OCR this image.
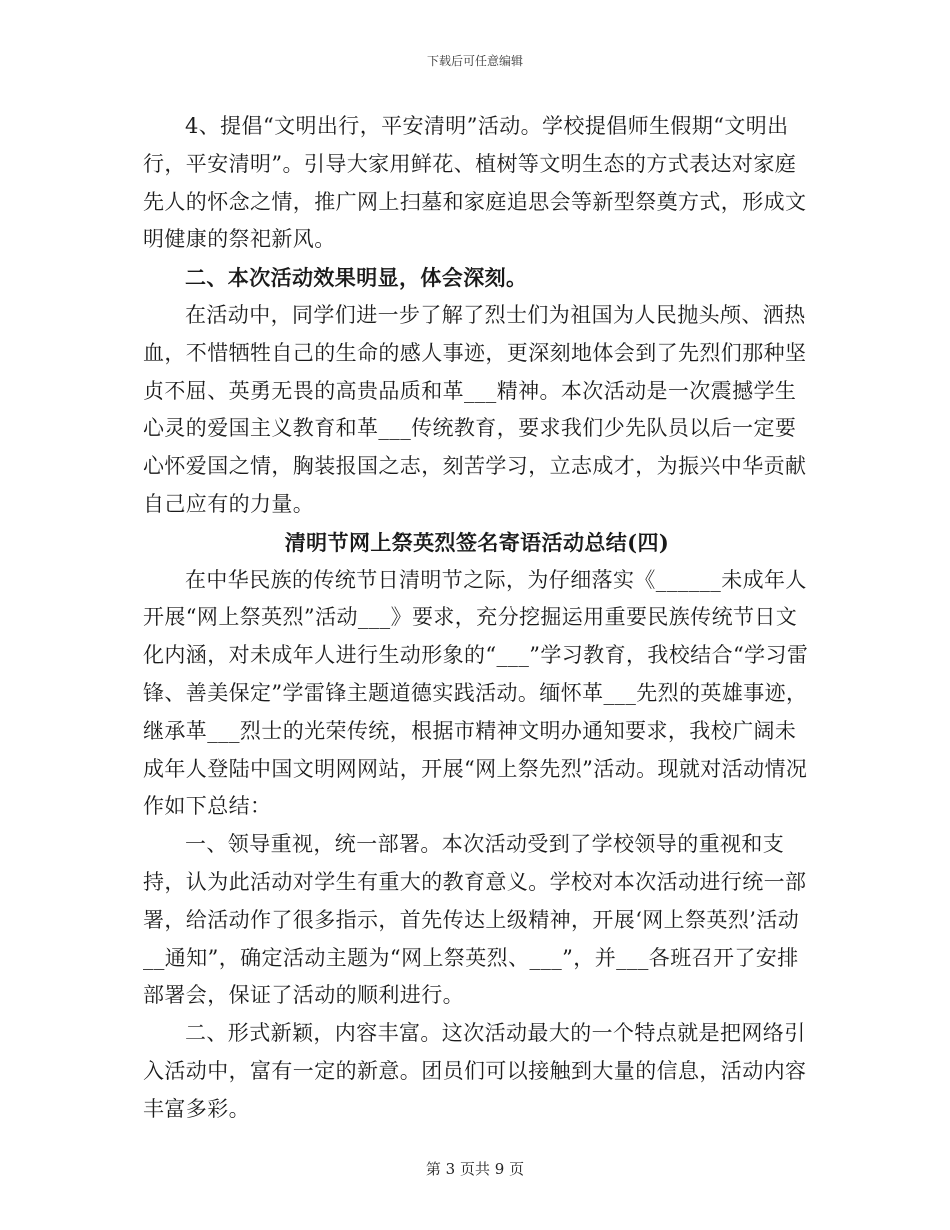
下载后可任意编辑

4、提倡“文明出行，平安清明”活动。学校提倡师生假期“文明出行，平安清明”。引导大家用鲜花、植树等文明生态的方式表达对家庭先人的怀念之情，推广网上扫墓和家庭追思会等新型祭奠方式，形成文明健康的祭祀新风。

二、本次活动效果明显，体会深刻。

在活动中，同学们进一步了解了烈士们为祖国为人民抛头颅、洒热血，不惜牺牲自己的生命的感人事迹，更深刻地体会到了先烈们那种坚贞不屈、英勇无畏的高贵品质和革___精神。本次活动是一次震撼学生心灵的爱国主义教育和革___传统教育，要求我们少先队员以后一定要心怀爱国之情，胸装报国之志，刻苦学习，立志成才，为振兴中华贡献自己应有的力量。

清明节网上祭英烈签名寄语活动总结(四)

在中华民族的传统节日清明节之际，为仔细落实《______未成年人开展“网上祭英烈”活动___》要求，充分挖掘运用重要民族传统节日文化内涵，对未成年人进行生动形象的“___”学习教育，我校结合“学习雷锋、善美保定”学雷锋主题道德实践活动。缅怀革___先烈的英雄事迹，继承革___烈士的光荣传统，根据市精神文明办通知要求，我校广阔未成年人登陆中国文明网网站，开展“网上祭先烈”活动。现就对活动情况作如下总结：

一、领导重视，统一部署。本次活动受到了学校领导的重视和支持，认为此活动对学生有重大的教育意义。学校对本次活动进行统一部署，给活动作了很多指示，首先传达上级精神，开展‘网上祭英烈’活动__通知”，确定活动主题为“网上祭英烈、___”，并___各班召开了安排部署会，保证了活动的顺利进行。

二、形式新颖，内容丰富。这次活动最大的一个特点就是把网络引入活动中，富有一定的新意。团员们可以接触到大量的信息，活动内容丰富多彩。

第 3 页共 9 页
